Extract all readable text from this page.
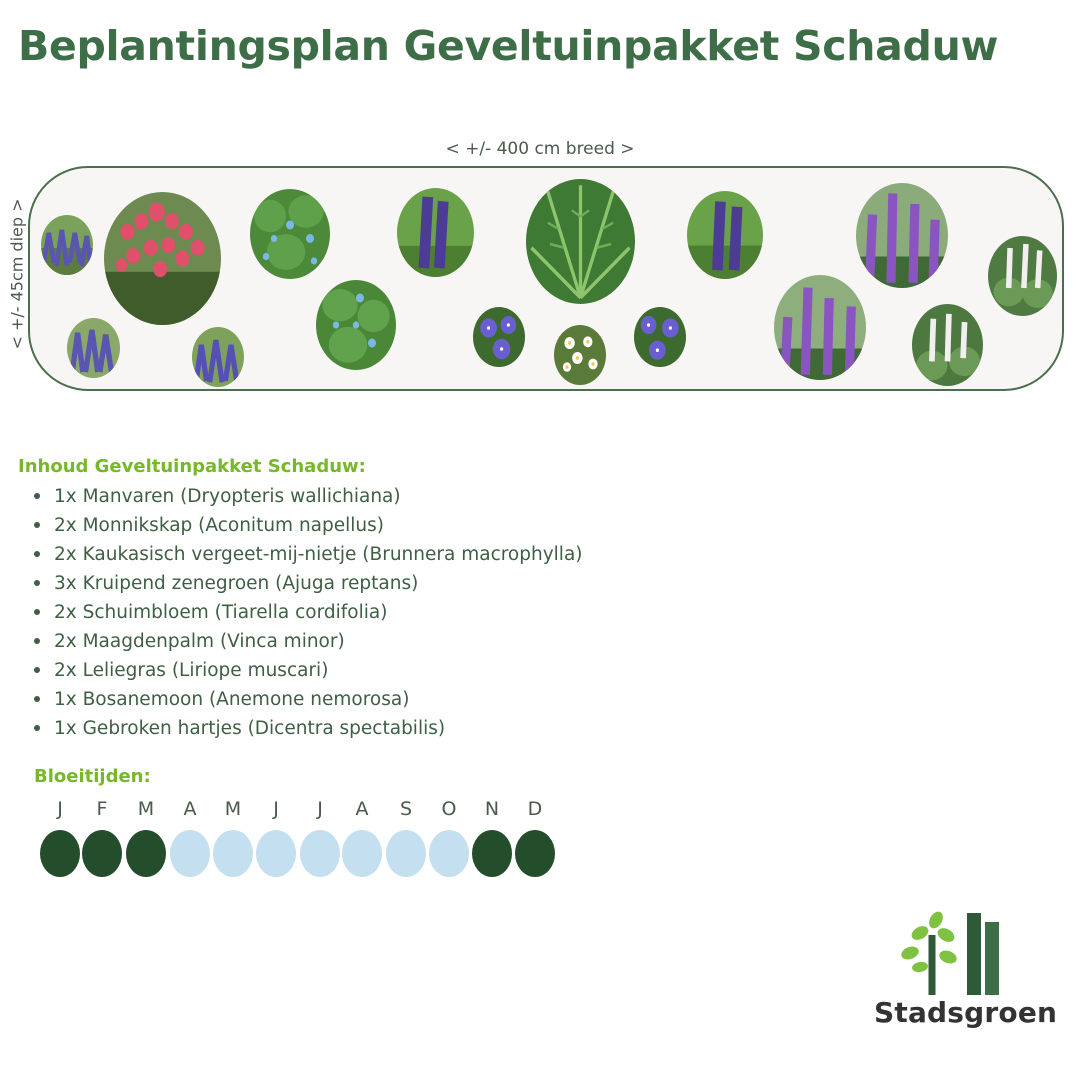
Beplantingsplan Geveltuinpakket Schaduw
< +/- 400 cm breed >
< +/- 45cm diep >
Inhoud Geveltuinpakket Schaduw:
1x Manvaren (Dryopteris wallichiana)
2x Monnikskap (Aconitum napellus)
2x Kaukasisch vergeet-mij-nietje (Brunnera macrophylla)
3x Kruipend zenegroen (Ajuga reptans)
2x Schuimbloem (Tiarella cordifolia)
2x Maagdenpalm (Vinca minor)
2x Leliegras (Liriope muscari)
1x Bosanemoon (Anemone nemorosa)
1x Gebroken hartjes (Dicentra spectabilis)
Bloeitijden:
J	F	M	A	M	J	J	A	S	O	N	D
Stadsgroen
